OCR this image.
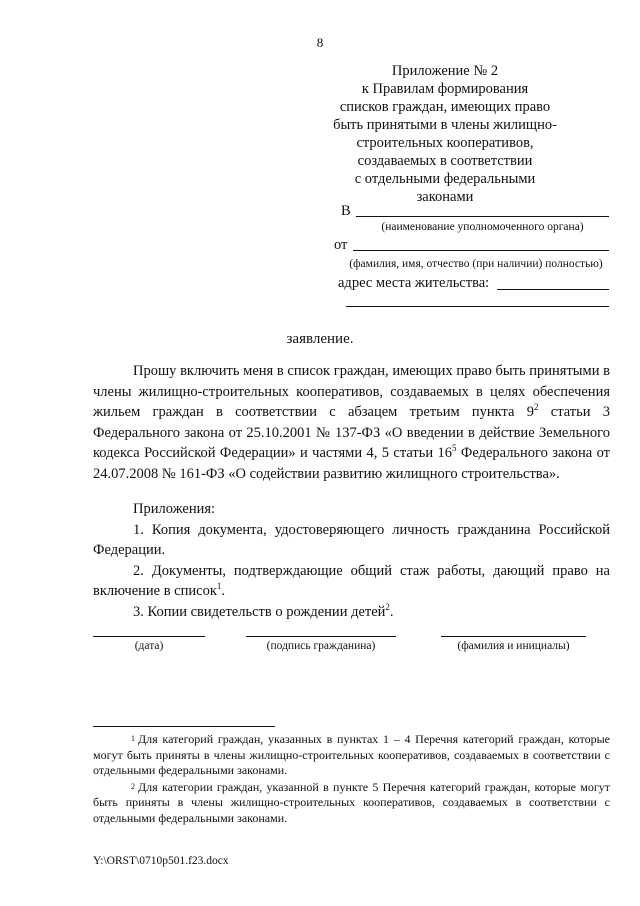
8
Приложение № 2
к Правилам формирования
списков граждан, имеющих право
быть принятыми в члены жилищно-
строительных кооперативов,
создаваемых в соответствии
с отдельными федеральными
законами
В
(наименование уполномоченного органа)
от
(фамилия, имя, отчество (при наличии) полностью)
адрес места жительства:
заявление.

Прошу включить меня в список граждан, имеющих право быть принятыми в члены жилищно-строительных кооперативов, создаваемых в целях обеспечения жильем граждан в соответствии с абзацем третьим пункта $9^2$ статьи 3 Федерального закона от 25.10.2001 № 137-ФЗ «О введении в действие Земельного кодекса Российской Федерации» и частями 4, 5 статьи $16^5$ Федерального закона от 24.07.2008 № 161-ФЗ «О содействии развитию жилищного строительства».

Приложения:

1. Копия документа, удостоверяющего личность гражданина Российской Федерации.

2. Документы, подтверждающие общий стаж работы, дающий право на включение в список$^1$.

3. Копии свидетельств о рождении детей$^2$.

(дата)	(подпись гражданина)	(фамилия и инициалы)

$^1$ Для категорий граждан, указанных в пунктах 1 – 4 Перечня категорий граждан, которые могут быть приняты в члены жилищно-строительных кооперативов, создаваемых в соответствии с отдельными федеральными законами.

$^2$ Для категории граждан, указанной в пункте 5 Перечня категорий граждан, которые могут быть приняты в члены жилищно-строительных кооперативов, создаваемых в соответствии с отдельными федеральными законами.

Y:\ORST\0710p501.f23.docx
